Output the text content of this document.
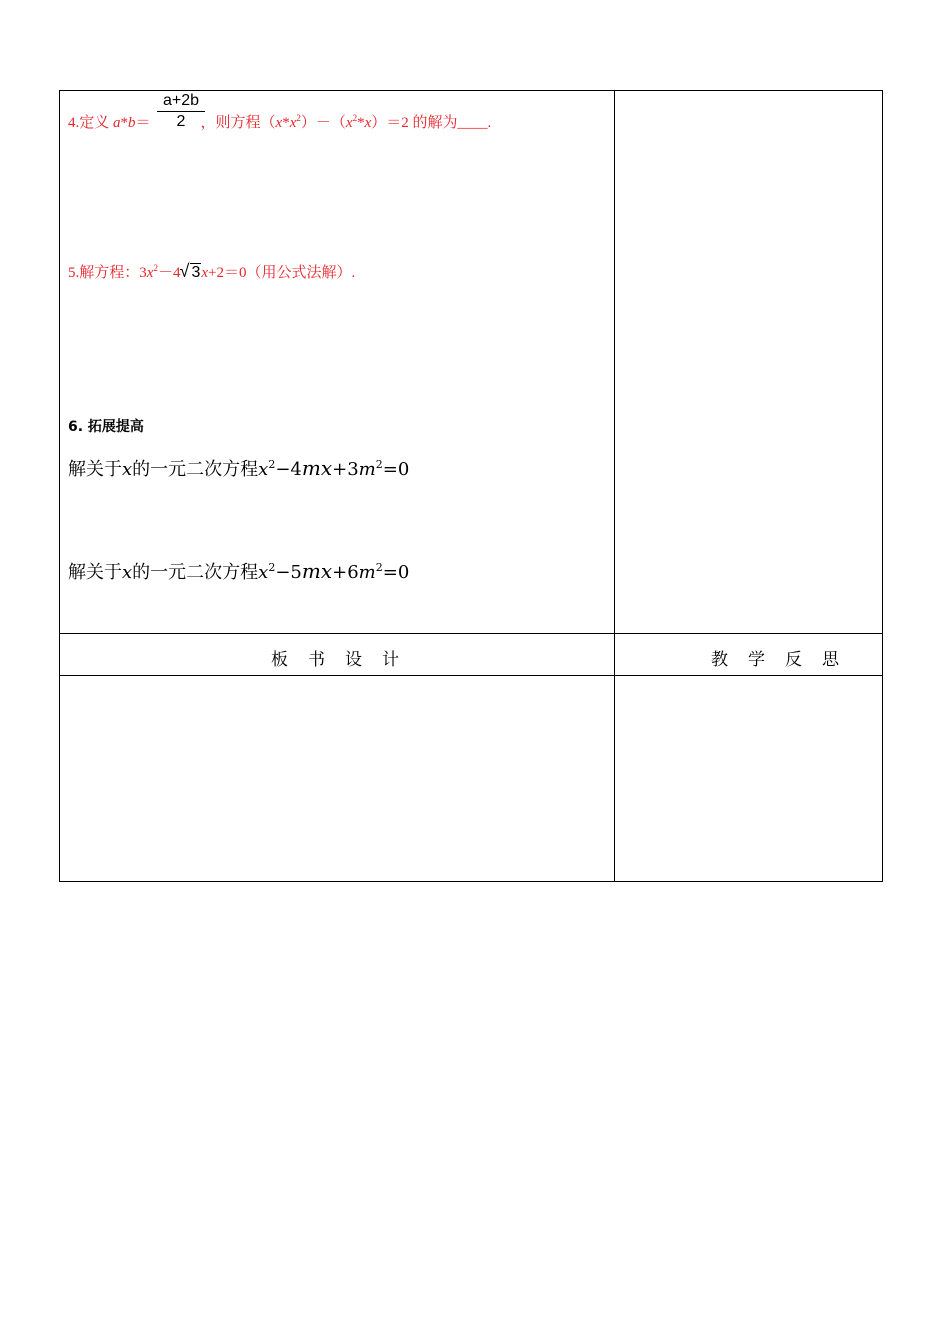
$\frac{a+2b}{2}$
4.定义 a*b＝	，则方程$(x*x^2)-(x^2*x)=2$ 的解为____.
5.解方程：$3x^2-4√$ 3x+2＝0（用公式法解）.
6. 拓展提高
解关于x的一元二次方程$x^2-4mx+3m^2=0$
解关于x的一元二次方程$x^2-5mx+6m^2=0$
板 书 设 计	教 学 反 思
